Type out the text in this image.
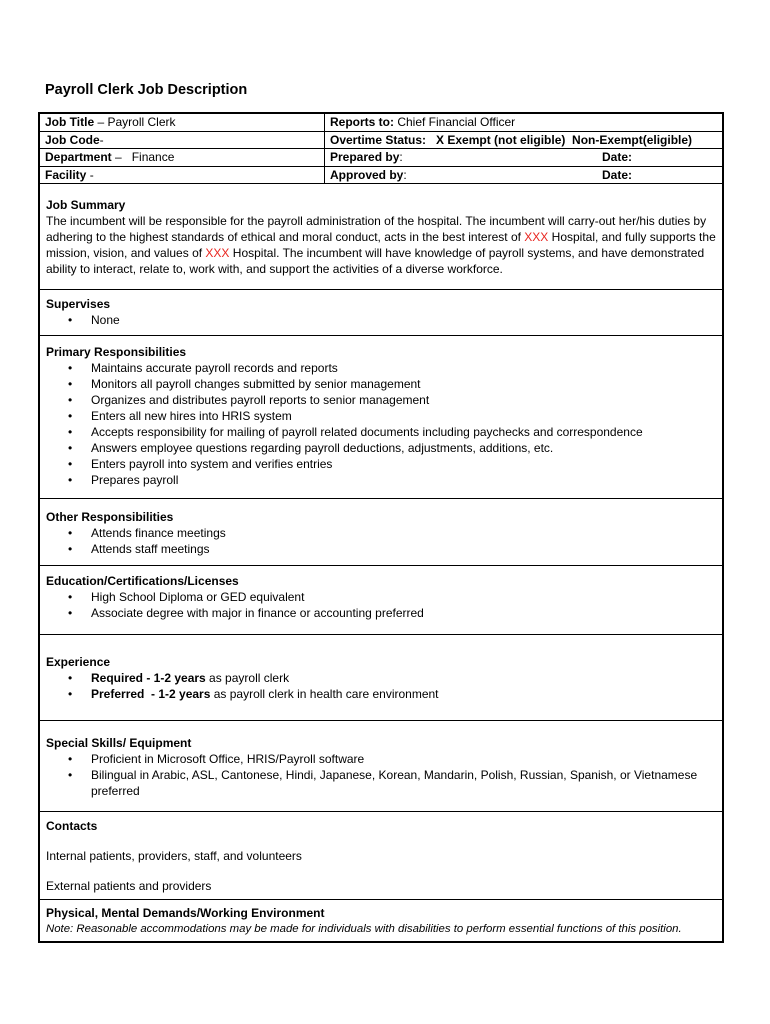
Payroll Clerk Job Description
Job Title – Payroll Clerk
Job Code -
Department – Finance
Facility -
Reports to: Chief Financial Officer
Overtime Status:   X Exempt (not eligible)  Non-Exempt(eligible)
Prepared by :	Date:
Approved by :	Date:

Job Summary

The incumbent will be responsible for the payroll administration of the hospital. The incumbent will carry-out her/his duties by adhering to the highest standards of ethical and moral conduct, acts in the best interest of XXX Hospital, and fully supports the mission, vision, and values of XXX Hospital. The incumbent will have knowledge of payroll systems, and have demonstrated ability to interact, relate to, work with, and support the activities of a diverse workforce.

Supervises

• None

Primary Responsibilities

• Maintains accurate payroll records and reports
• Monitors all payroll changes submitted by senior management
• Organizes and distributes payroll reports to senior management
• Enters all new hires into HRIS system
• Accepts responsibility for mailing of payroll related documents including paychecks and correspondence
• Answers employee questions regarding payroll deductions, adjustments, additions, etc.
• Enters payroll into system and verifies entries
• Prepares payroll

Other Responsibilities

• Attends finance meetings
• Attends staff meetings

Education/Certifications/Licenses

• High School Diploma or GED equivalent
• Associate degree with major in finance or accounting preferred

Experience

• Required - 1-2 years as payroll clerk
• Preferred  - 1-2 years as payroll clerk in health care environment

Special Skills/ Equipment

• Proficient in Microsoft Office, HRIS/Payroll software
• Bilingual in Arabic, ASL, Cantonese, Hindi, Japanese, Korean, Mandarin, Polish, Russian, Spanish, or Vietnamese preferred

Contacts

Internal patients, providers, staff, and volunteers

External patients and providers

Physical, Mental Demands/Working Environment

Note: Reasonable accommodations may be made for individuals with disabilities to perform essential functions of this position.
